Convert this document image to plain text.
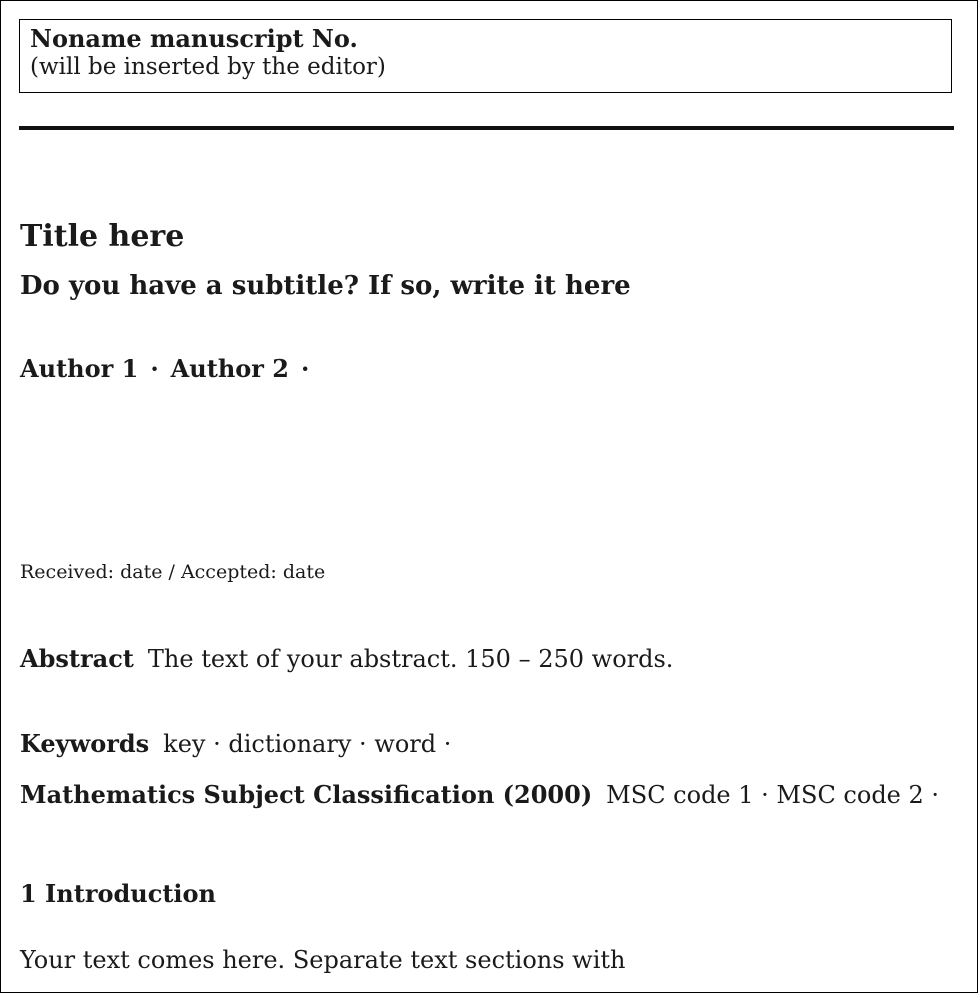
Noname manuscript No.
(will be inserted by the editor)
Title here
Do you have a subtitle? If so, write it here
Author 1 · Author 2 ·
Received: date / Accepted: date
Abstract The text of your abstract. 150 – 250 words.
Keywords key · dictionary · word ·
Mathematics Subject Classification (2000) MSC code 1 · MSC code 2 ·
1 Introduction
Your text comes here. Separate text sections with
